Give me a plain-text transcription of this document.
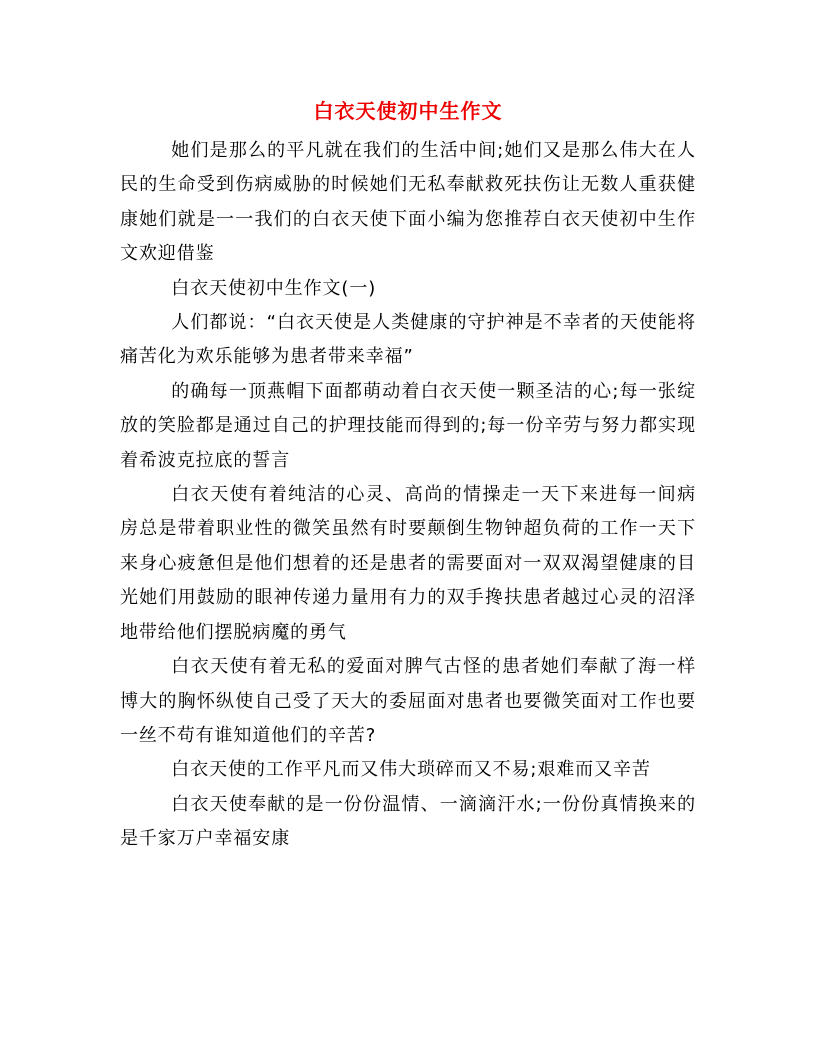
白衣天使初中生作文

她们是那么的平凡就在我们的生活中间;她们又是那么伟大在人民的生命受到伤病威胁的时候她们无私奉献救死扶伤让无数人重获健康她们就是一一我们的白衣天使下面小编为您推荐白衣天使初中生作文欢迎借鉴

白衣天使初中生作文(一)

人们都说：“白衣天使是人类健康的守护神是不幸者的天使能将痛苦化为欢乐能够为患者带来幸福”

的确每一顶燕帽下面都萌动着白衣天使一颗圣洁的心;每一张绽放的笑脸都是通过自己的护理技能而得到的;每一份辛劳与努力都实现着希波克拉底的誓言

白衣天使有着纯洁的心灵、高尚的情操走一天下来进每一间病房总是带着职业性的微笑虽然有时要颠倒生物钟超负荷的工作一天下来身心疲惫但是他们想着的还是患者的需要面对一双双渴望健康的目光她们用鼓励的眼神传递力量用有力的双手搀扶患者越过心灵的沼泽地带给他们摆脱病魔的勇气

白衣天使有着无私的爱面对脾气古怪的患者她们奉献了海一样博大的胸怀纵使自己受了天大的委屈面对患者也要微笑面对工作也要一丝不苟有谁知道他们的辛苦?

白衣天使的工作平凡而又伟大琐碎而又不易;艰难而又辛苦

白衣天使奉献的是一份份温情、一滴滴汗水;一份份真情换来的是千家万户幸福安康
